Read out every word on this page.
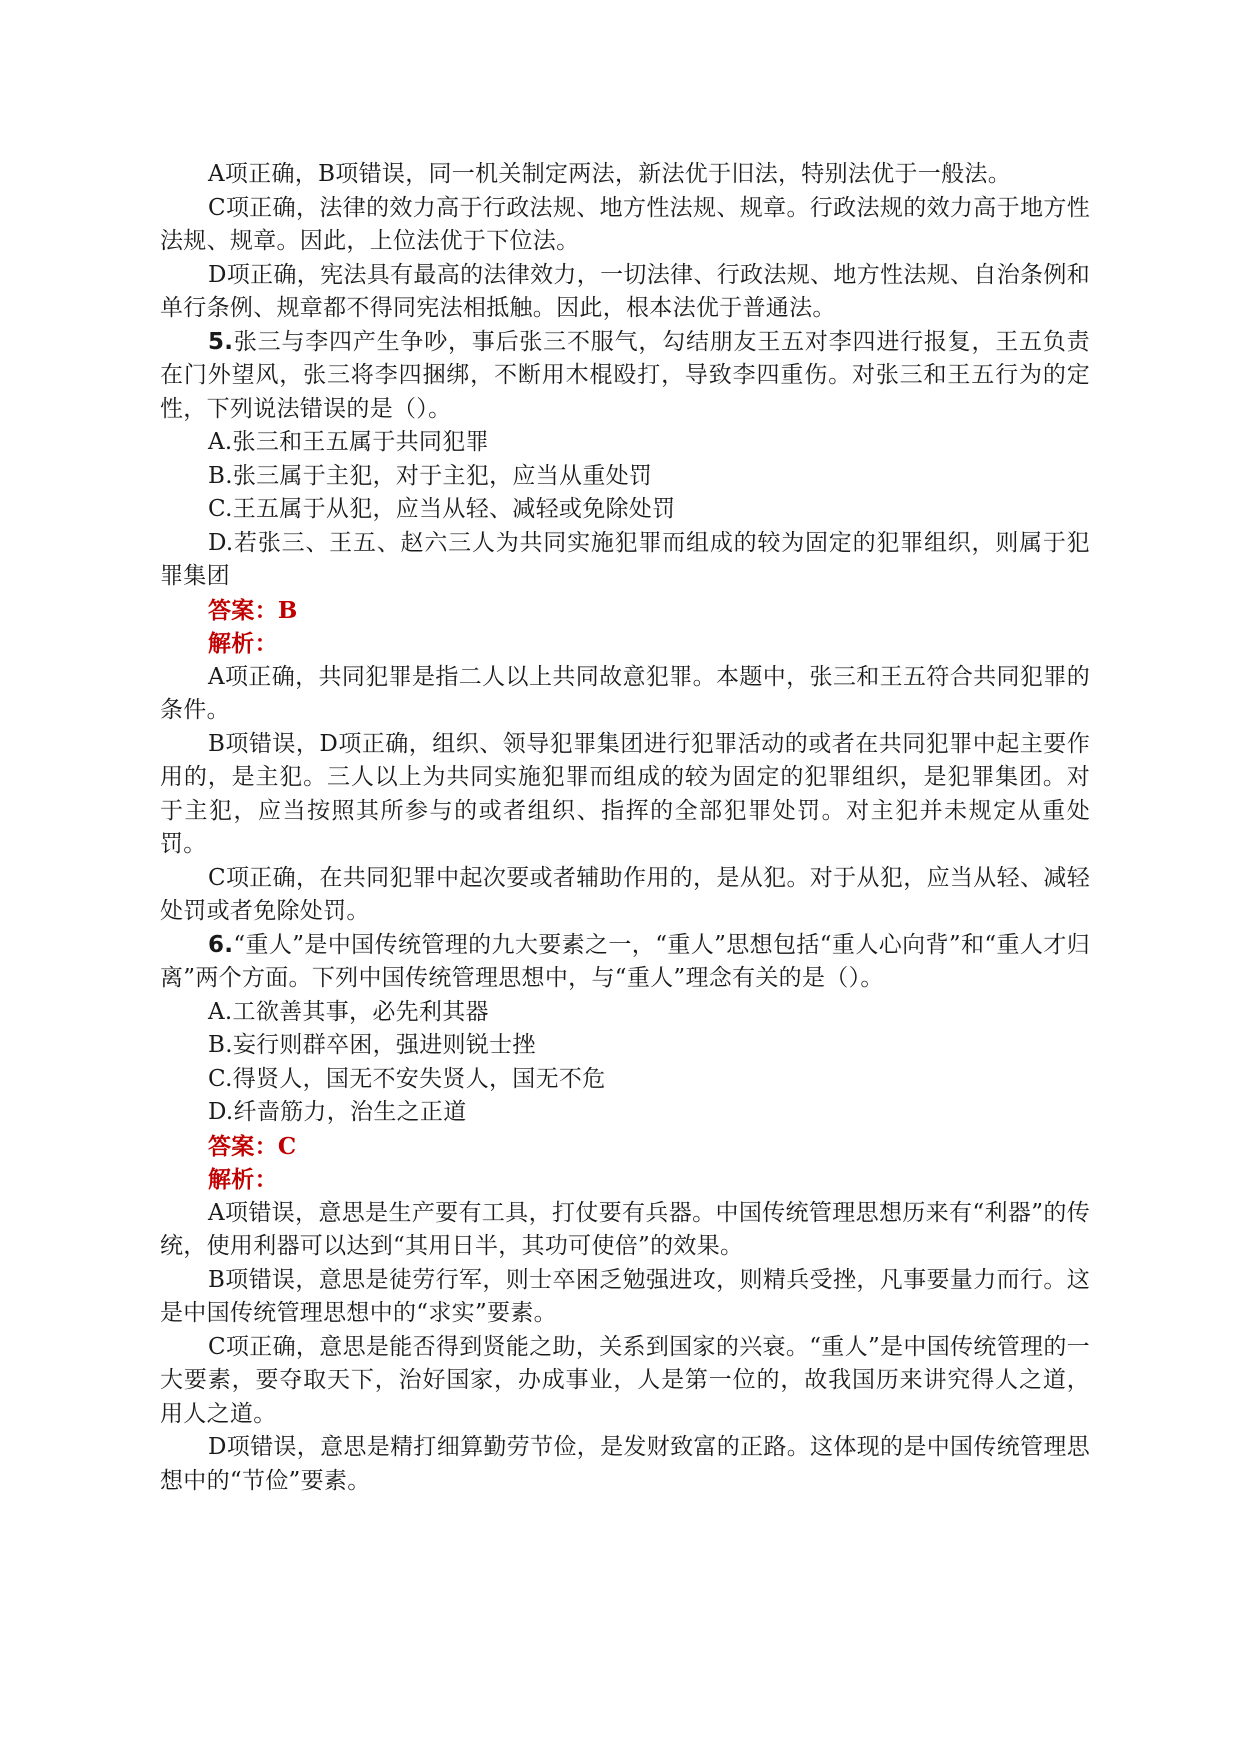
A项正确，B项错误，同一机关制定两法，新法优于旧法，特别法优于一般法。

C项正确，法律的效力高于行政法规、地方性法规、规章。行政法规的效力高于地方性法规、规章。因此，上位法优于下位法。

D项正确，宪法具有最高的法律效力，一切法律、行政法规、地方性法规、自治条例和单行条例、规章都不得同宪法相抵触。因此，根本法优于普通法。

5.张三与李四产生争吵，事后张三不服气，勾结朋友王五对李四进行报复，王五负责在门外望风，张三将李四捆绑，不断用木棍殴打，导致李四重伤。对张三和王五行为的定性，下列说法错误的是（）。

A.张三和王五属于共同犯罪

B.张三属于主犯，对于主犯，应当从重处罚

C.王五属于从犯，应当从轻、减轻或免除处罚

D.若张三、王五、赵六三人为共同实施犯罪而组成的较为固定的犯罪组织，则属于犯罪集团

答案：B

解析：

A项正确，共同犯罪是指二人以上共同故意犯罪。本题中，张三和王五符合共同犯罪的条件。

B项错误，D项正确，组织、领导犯罪集团进行犯罪活动的或者在共同犯罪中起主要作用的，是主犯。三人以上为共同实施犯罪而组成的较为固定的犯罪组织，是犯罪集团。对于主犯，应当按照其所参与的或者组织、指挥的全部犯罪处罚。对主犯并未规定从重处罚。

C项正确，在共同犯罪中起次要或者辅助作用的，是从犯。对于从犯，应当从轻、减轻处罚或者免除处罚。

6.“重人”是中国传统管理的九大要素之一，“重人”思想包括“重人心向背”和“重人才归离”两个方面。下列中国传统管理思想中，与“重人”理念有关的是（）。

A.工欲善其事，必先利其器

B.妄行则群卒困，强进则锐士挫

C.得贤人，国无不安失贤人，国无不危

D.纤啬筋力，治生之正道

答案：C

解析：

A项错误，意思是生产要有工具，打仗要有兵器。中国传统管理思想历来有“利器”的传统，使用利器可以达到“其用日半，其功可使倍”的效果。

B项错误，意思是徒劳行军，则士卒困乏勉强进攻，则精兵受挫，凡事要量力而行。这是中国传统管理思想中的“求实”要素。

C项正确，意思是能否得到贤能之助，关系到国家的兴衰。“重人”是中国传统管理的一大要素，要夺取天下，治好国家，办成事业，人是第一位的，故我国历来讲究得人之道，用人之道。

D项错误，意思是精打细算勤劳节俭，是发财致富的正路。这体现的是中国传统管理思想中的“节俭”要素。
